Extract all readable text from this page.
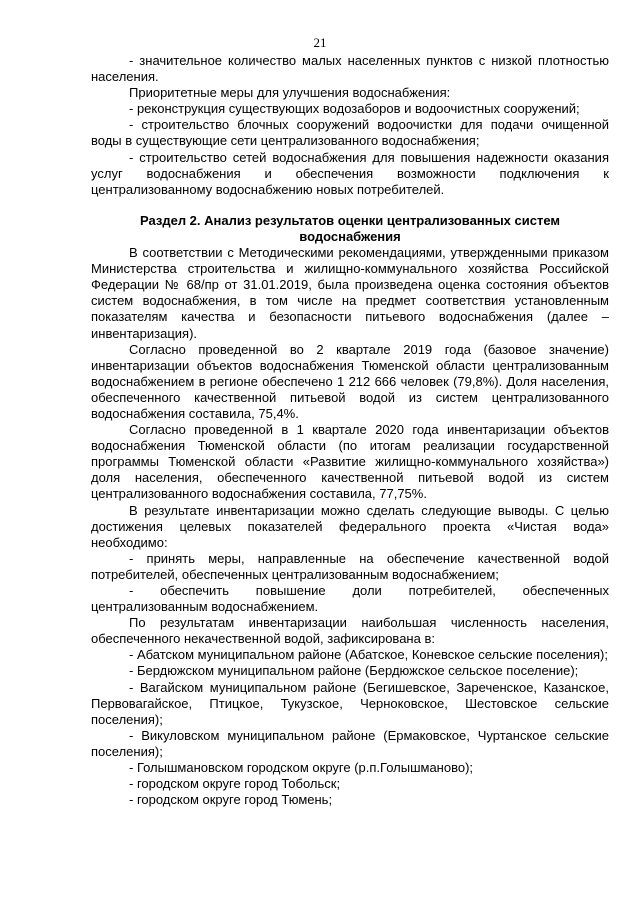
21

- значительное количество малых населенных пунктов с низкой плотностью населения.

Приоритетные меры для улучшения водоснабжения:

- реконструкция существующих водозаборов и водоочистных сооружений;

- строительство блочных сооружений водоочистки для подачи очищенной воды в существующие сети централизованного водоснабжения;

- строительство сетей водоснабжения для повышения надежности оказания услуг водоснабжения и обеспечения возможности подключения к централизованному водоснабжению новых потребителей.

Раздел 2. Анализ результатов оценки централизованных систем водоснабжения

В соответствии с Методическими рекомендациями, утвержденными приказом Министерства строительства и жилищно-коммунального хозяйства Российской Федерации № 68/пр от 31.01.2019, была произведена оценка состояния объектов систем водоснабжения, в том числе на предмет соответствия установленным показателям качества и безопасности питьевого водоснабжения (далее – инвентаризация).

Согласно проведенной во 2 квартале 2019 года (базовое значение) инвентаризации объектов водоснабжения Тюменской области централизованным водоснабжением в регионе обеспечено 1 212 666 человек (79,8%). Доля населения, обеспеченного качественной питьевой водой из систем централизованного водоснабжения составила, 75,4%.

Согласно проведенной в 1 квартале 2020 года инвентаризации объектов водоснабжения Тюменской области (по итогам реализации государственной программы Тюменской области «Развитие жилищно-коммунального хозяйства») доля населения, обеспеченного качественной питьевой водой из систем централизованного водоснабжения составила, 77,75%.

В результате инвентаризации можно сделать следующие выводы. С целью достижения целевых показателей федерального проекта «Чистая вода» необходимо:

- принять меры, направленные на обеспечение качественной водой потребителей, обеспеченных централизованным водоснабжением;

- обеспечить повышение доли потребителей, обеспеченных централизованным водоснабжением.

По результатам инвентаризации наибольшая численность населения, обеспеченного некачественной водой, зафиксирована в:

- Абатском муниципальном районе (Абатское, Коневское сельские поселения);

- Бердюжском муниципальном районе (Бердюжское сельское поселение);

- Вагайском муниципальном районе (Бегишевское, Зареченское, Казанское, Первовагайское, Птицкое, Тукузское, Черноковское, Шестовское сельские поселения);

- Викуловском муниципальном районе (Ермаковское, Чуртанское сельские поселения);

- Голышмановском городском округе (р.п.Голышманово);

- городском округе город Тобольск;

- городском округе город Тюмень;
